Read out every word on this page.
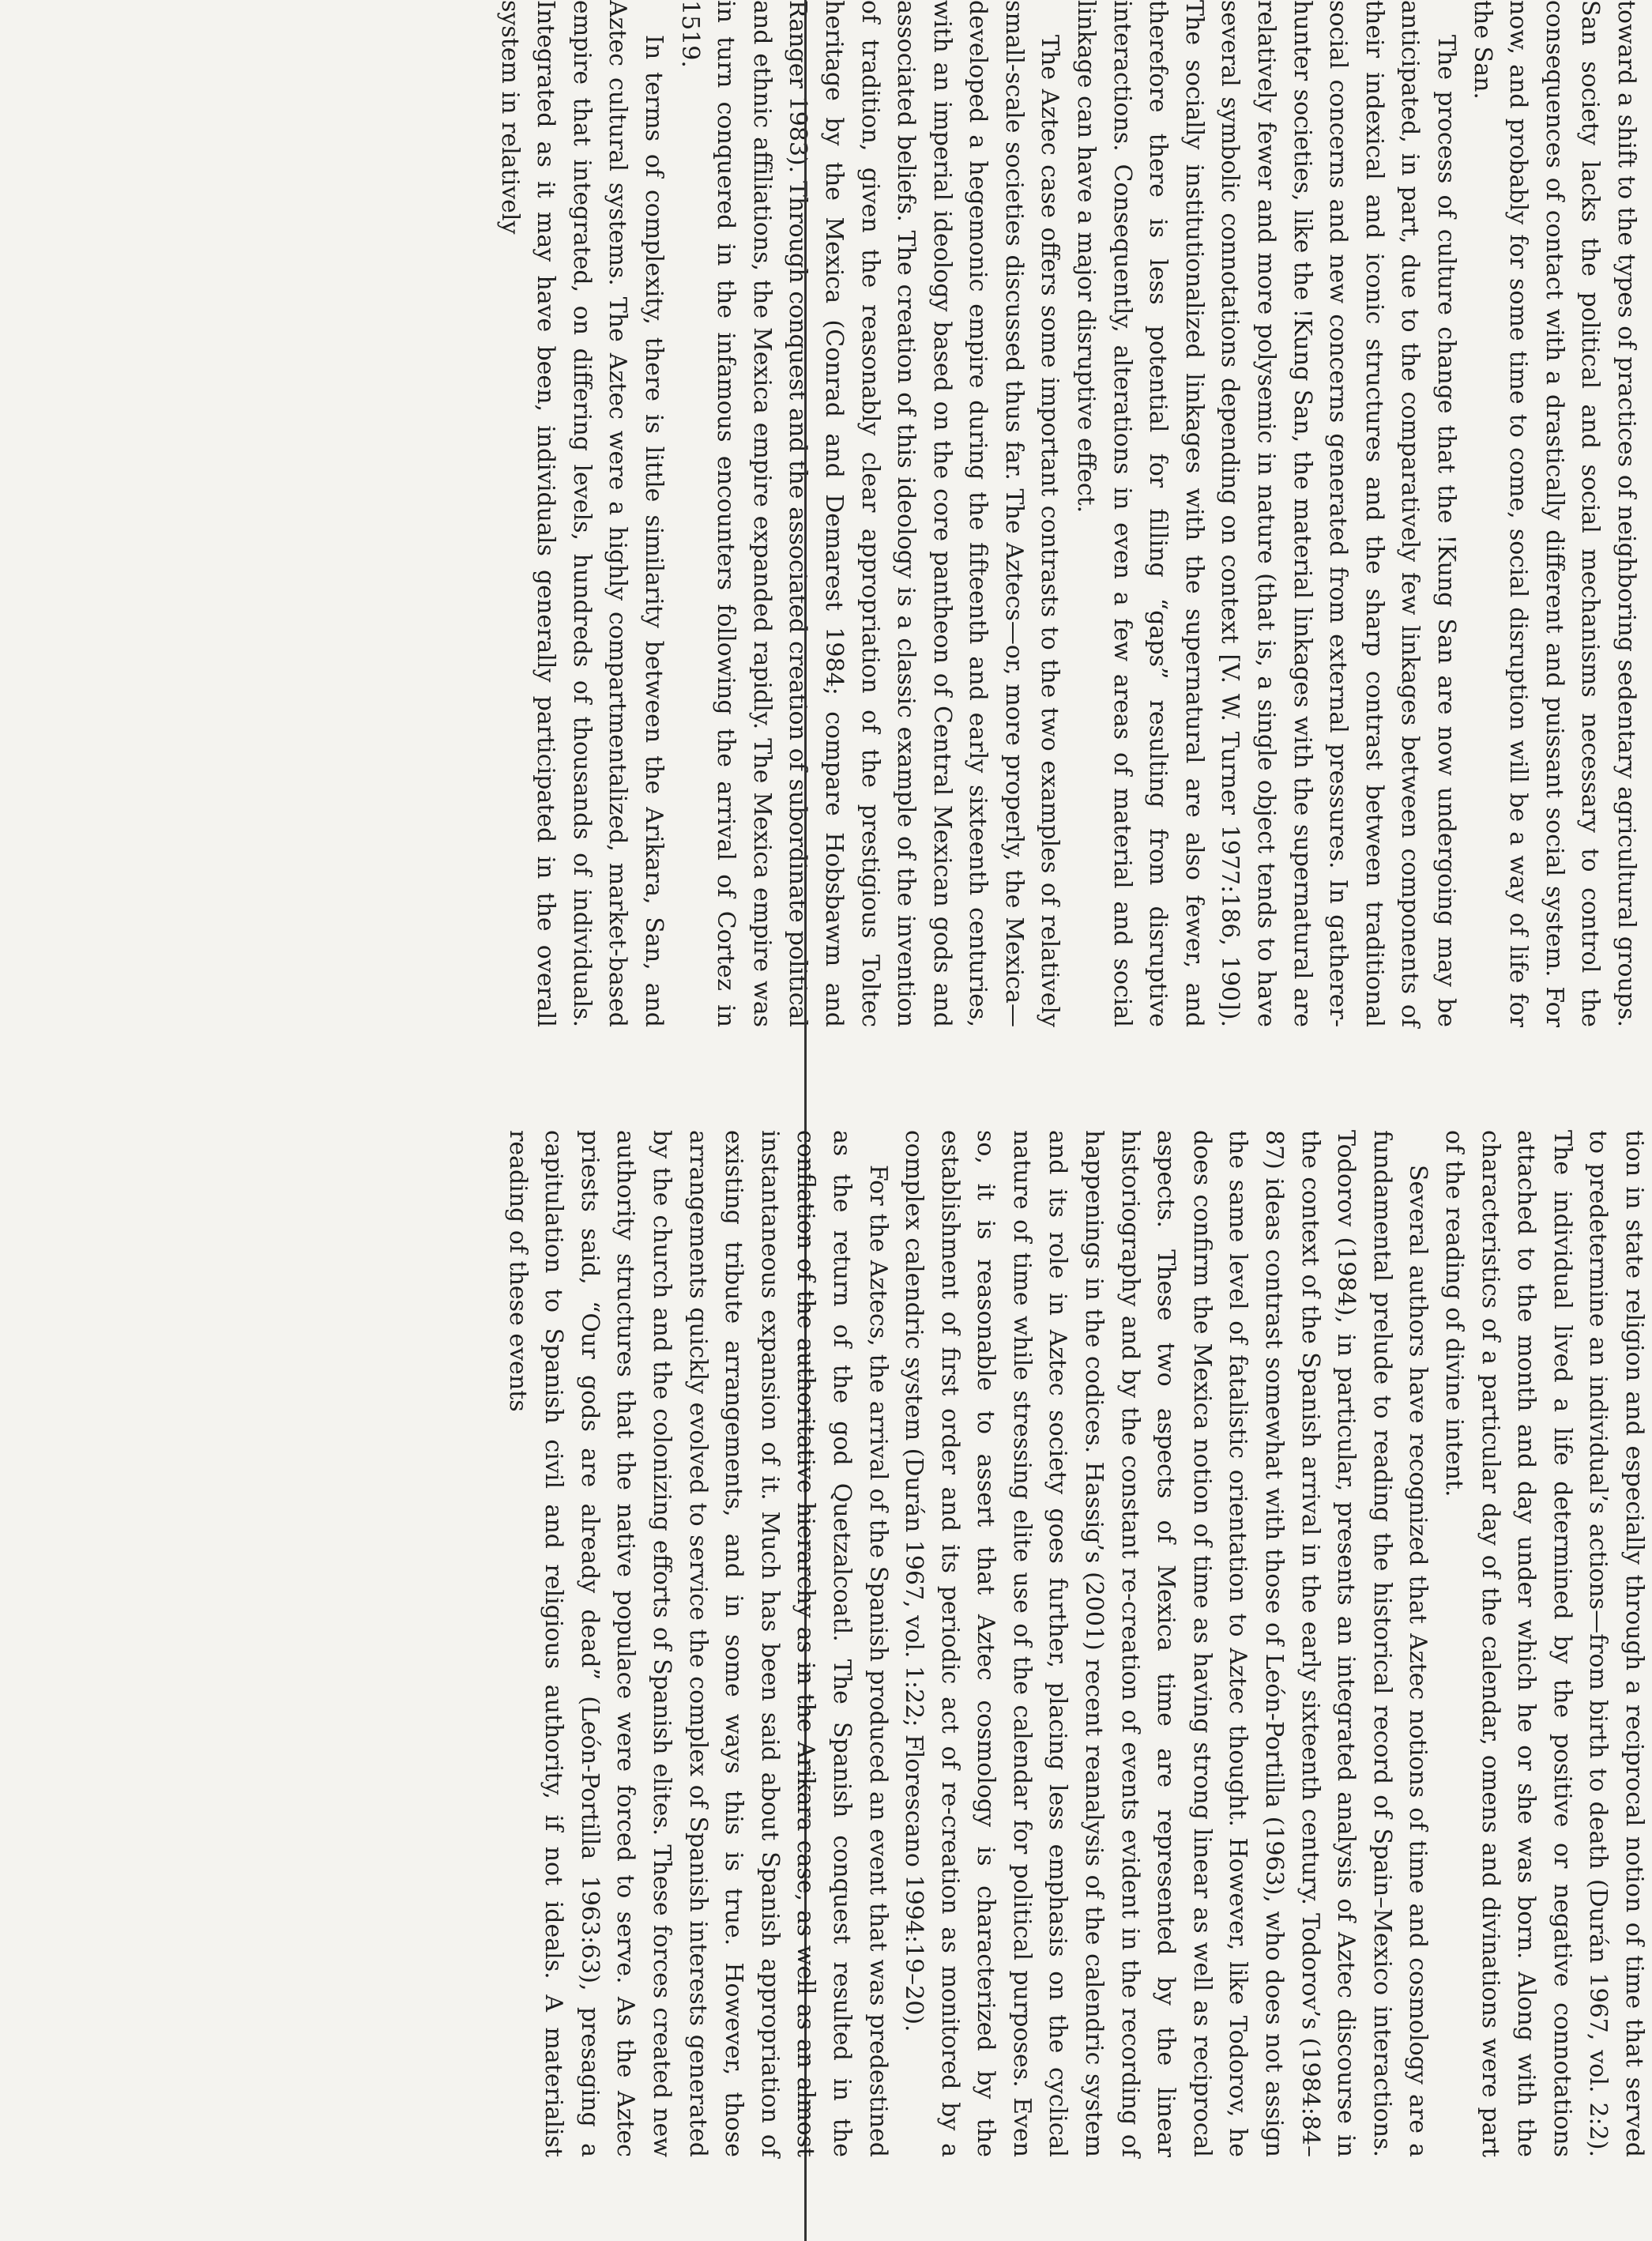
toward a shift to the types of practices of neighboring sedentary agricultural groups. San society lacks the political and social mechanisms necessary to control the consequences of contact with a drastically different and puissant social system. For now, and probably for some time to come, social disruption will be a way of life for the San.

The process of culture change that the !Kung San are now undergoing may be anticipated, in part, due to the comparatively few linkages between components of their indexical and iconic structures and the sharp contrast between traditional social concerns and new concerns generated from external pressures. In gatherer-hunter societies, like the !Kung San, the material linkages with the supernatural are relatively fewer and more polysemic in nature (that is, a single object tends to have several symbolic connotations depending on context [V. W. Turner 1977:186, 190]). The socially institutionalized linkages with the supernatural are also fewer, and therefore there is less potential for filling “gaps” resulting from disruptive interactions. Consequently, alterations in even a few areas of material and social linkage can have a major disruptive effect.

The Aztec case offers some important contrasts to the two examples of relatively small-scale societies discussed thus far. The Aztecs—or, more properly, the Mexica—developed a hegemonic empire during the fifteenth and early sixteenth centuries, with an imperial ideology based on the core pantheon of Central Mexican gods and associated beliefs. The creation of this ideology is a classic example of the invention of tradition, given the reasonably clear appropriation of the prestigious Toltec heritage by the Mexica (Conrad and Demarest 1984; compare Hobsbawm and Ranger 1983). Through conquest and the associated creation of subordinate political and ethnic affiliations, the Mexica empire expanded rapidly. The Mexica empire was in turn conquered in the infamous encounters following the arrival of Cortez in 1519.

In terms of complexity, there is little similarity between the Arikara, San, and Aztec cultural systems. The Aztec were a highly compartmentalized, market-based empire that integrated, on differing levels, hundreds of thousands of individuals. Integrated as it may have been, individuals generally participated in the overall system in relatively

tion in state religion and especially through a reciprocal notion of time that served to predetermine an individual’s actions—from birth to death (Durán 1967, vol. 2:2). The individual lived a life determined by the positive or negative connotations attached to the month and day under which he or she was born. Along with the characteristics of a particular day of the calendar, omens and divinations were part of the reading of divine intent.

Several authors have recognized that Aztec notions of time and cosmology are a fundamental prelude to reading the historical record of Spain–Mexico interactions. Todorov (1984), in particular, presents an integrated analysis of Aztec discourse in the context of the Spanish arrival in the early sixteenth century. Todorov’s (1984:84–87) ideas contrast somewhat with those of León-Portilla (1963), who does not assign the same level of fatalistic orientation to Aztec thought. However, like Todorov, he does confirm the Mexica notion of time as having strong linear as well as reciprocal aspects. These two aspects of Mexica time are represented by the linear historiography and by the constant re-creation of events evident in the recording of happenings in the codices. Hassig’s (2001) recent reanalysis of the calendric system and its role in Aztec society goes further, placing less emphasis on the cyclical nature of time while stressing elite use of the calendar for political purposes. Even so, it is reasonable to assert that Aztec cosmology is characterized by the establishment of first order and its periodic act of re-creation as monitored by a complex calendric system (Durán 1967, vol. 1:22; Florescano 1994:19–20).

For the Aztecs, the arrival of the Spanish produced an event that was predestined as the return of the god Quetzalcoatl. The Spanish conquest resulted in the conflation of the authoritative hierarchy as in the Arikara case, as well as an almost instantaneous expansion of it. Much has been said about Spanish appropriation of existing tribute arrangements, and in some ways this is true. However, those arrangements quickly evolved to service the complex of Spanish interests generated by the church and the colonizing efforts of Spanish elites. These forces created new authority structures that the native populace were forced to serve. As the Aztec priests said, “Our gods are already dead” (León-Portilla 1963:63), presaging a capitulation to Spanish civil and religious authority, if not ideals. A materialist reading of these events
